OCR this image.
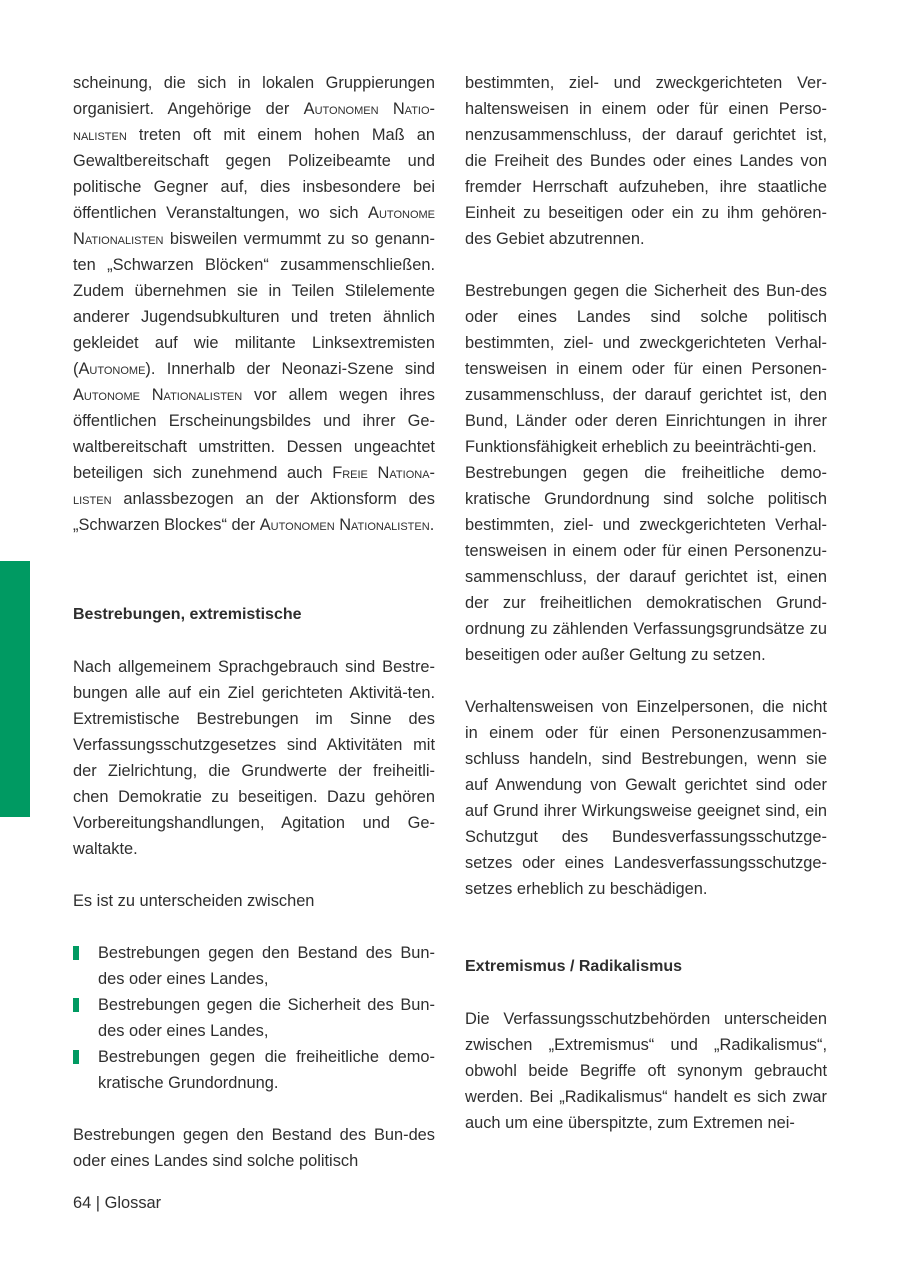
scheinung, die sich in lokalen Gruppierungen organisiert. Angehörige der Autonomen Natio-nalisten treten oft mit einem hohen Maß an Gewaltbereitschaft gegen Polizeibeamte und politische Gegner auf, dies insbesondere bei öffentlichen Veranstaltungen, wo sich Autonome Nationalisten bisweilen vermummt zu so genann-ten „Schwarzen Blöcken“ zusammenschließen. Zudem übernehmen sie in Teilen Stilelemente anderer Jugendsubkulturen und treten ähnlich gekleidet auf wie militante Linksextremisten (Autonome). Innerhalb der Neonazi-Szene sind Autonome Nationalisten vor allem wegen ihres öffentlichen Erscheinungsbildes und ihrer Ge-waltbereitschaft umstritten. Dessen ungeachtet beteiligen sich zunehmend auch Freie Nationa-listen anlassbezogen an der Aktionsform des „Schwarzen Blockes“ der Autonomen Nationalisten.

Bestrebungen, extremistische

Nach allgemeinem Sprachgebrauch sind Bestre-bungen alle auf ein Ziel gerichteten Aktivitä-ten. Extremistische Bestrebungen im Sinne des Verfassungsschutzgesetzes sind Aktivitäten mit der Zielrichtung, die Grundwerte der freiheitli-chen Demokratie zu beseitigen. Dazu gehören Vorbereitungshandlungen, Agitation und Ge-waltakte.

Es ist zu unterscheiden zwischen

Bestrebungen gegen den Bestand des Bun-des oder eines Landes,
Bestrebungen gegen die Sicherheit des Bun-des oder eines Landes,
Bestrebungen gegen die freiheitliche demo-kratische Grundordnung.

Bestrebungen gegen den Bestand des Bun-des oder eines Landes sind solche politisch

bestimmten, ziel- und zweckgerichteten Ver-haltensweisen in einem oder für einen Perso-nenzusammenschluss, der darauf gerichtet ist, die Freiheit des Bundes oder eines Landes von fremder Herrschaft aufzuheben, ihre staatliche Einheit zu beseitigen oder ein zu ihm gehören-des Gebiet abzutrennen.

Bestrebungen gegen die Sicherheit des Bun-des oder eines Landes sind solche politisch bestimmten, ziel- und zweckgerichteten Verhal-tensweisen in einem oder für einen Personen-zusammenschluss, der darauf gerichtet ist, den Bund, Länder oder deren Einrichtungen in ihrer Funktionsfähigkeit erheblich zu beeinträchti-gen.

Bestrebungen gegen die freiheitliche demo-kratische Grundordnung sind solche politisch bestimmten, ziel- und zweckgerichteten Verhal-tensweisen in einem oder für einen Personenzu-sammenschluss, der darauf gerichtet ist, einen der zur freiheitlichen demokratischen Grund-ordnung zu zählenden Verfassungsgrundsätze zu beseitigen oder außer Geltung zu setzen.

Verhaltensweisen von Einzelpersonen, die nicht in einem oder für einen Personenzusammen-schluss handeln, sind Bestrebungen, wenn sie auf Anwendung von Gewalt gerichtet sind oder auf Grund ihrer Wirkungsweise geeignet sind, ein Schutzgut des Bundesverfassungsschutzge-setzes oder eines Landesverfassungsschutzge-setzes erheblich zu beschädigen.

Extremismus / Radikalismus

Die Verfassungsschutzbehörden unterscheiden zwischen „Extremismus“ und „Radikalismus“, obwohl beide Begriffe oft synonym gebraucht werden. Bei „Radikalismus“ handelt es sich zwar auch um eine überspitzte, zum Extremen nei-

64 | Glossar
